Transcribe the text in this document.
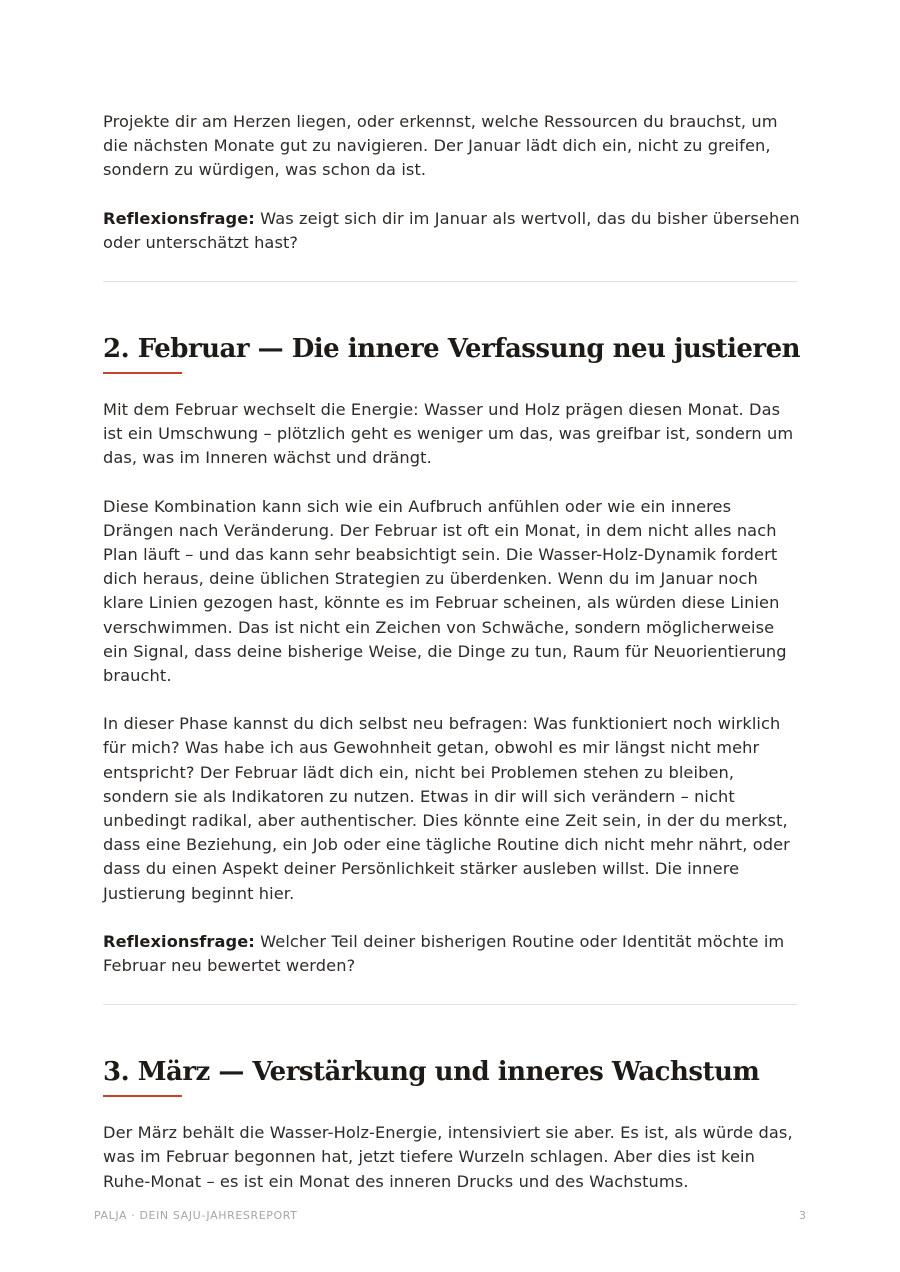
Projekte dir am Herzen liegen, oder erkennst, welche Ressourcen du brauchst, um die nächsten Monate gut zu navigieren. Der Januar lädt dich ein, nicht zu greifen, sondern zu würdigen, was schon da ist.

Reflexionsfrage: Was zeigt sich dir im Januar als wertvoll, das du bisher übersehen oder unterschätzt hast?

2. Februar — Die innere Verfassung neu justieren

Mit dem Februar wechselt die Energie: Wasser und Holz prägen diesen Monat. Das ist ein Umschwung – plötzlich geht es weniger um das, was greifbar ist, sondern um das, was im Inneren wächst und drängt.

Diese Kombination kann sich wie ein Aufbruch anfühlen oder wie ein inneres Drängen nach Veränderung. Der Februar ist oft ein Monat, in dem nicht alles nach Plan läuft – und das kann sehr beabsichtigt sein. Die Wasser-Holz-Dynamik fordert dich heraus, deine üblichen Strategien zu überdenken. Wenn du im Januar noch klare Linien gezogen hast, könnte es im Februar scheinen, als würden diese Linien verschwimmen. Das ist nicht ein Zeichen von Schwäche, sondern möglicherweise ein Signal, dass deine bisherige Weise, die Dinge zu tun, Raum für Neuorientierung braucht.

In dieser Phase kannst du dich selbst neu befragen: Was funktioniert noch wirklich für mich? Was habe ich aus Gewohnheit getan, obwohl es mir längst nicht mehr entspricht? Der Februar lädt dich ein, nicht bei Problemen stehen zu bleiben, sondern sie als Indikatoren zu nutzen. Etwas in dir will sich verändern – nicht unbedingt radikal, aber authentischer. Dies könnte eine Zeit sein, in der du merkst, dass eine Beziehung, ein Job oder eine tägliche Routine dich nicht mehr nährt, oder dass du einen Aspekt deiner Persönlichkeit stärker ausleben willst. Die innere Justierung beginnt hier.

Reflexionsfrage: Welcher Teil deiner bisherigen Routine oder Identität möchte im Februar neu bewertet werden?

3. März — Verstärkung und inneres Wachstum

Der März behält die Wasser-Holz-Energie, intensiviert sie aber. Es ist, als würde das, was im Februar begonnen hat, jetzt tiefere Wurzeln schlagen. Aber dies ist kein Ruhe-Monat – es ist ein Monat des inneren Drucks und des Wachstums.

PALJA · DEIN SAJU-JAHRESREPORT	3
